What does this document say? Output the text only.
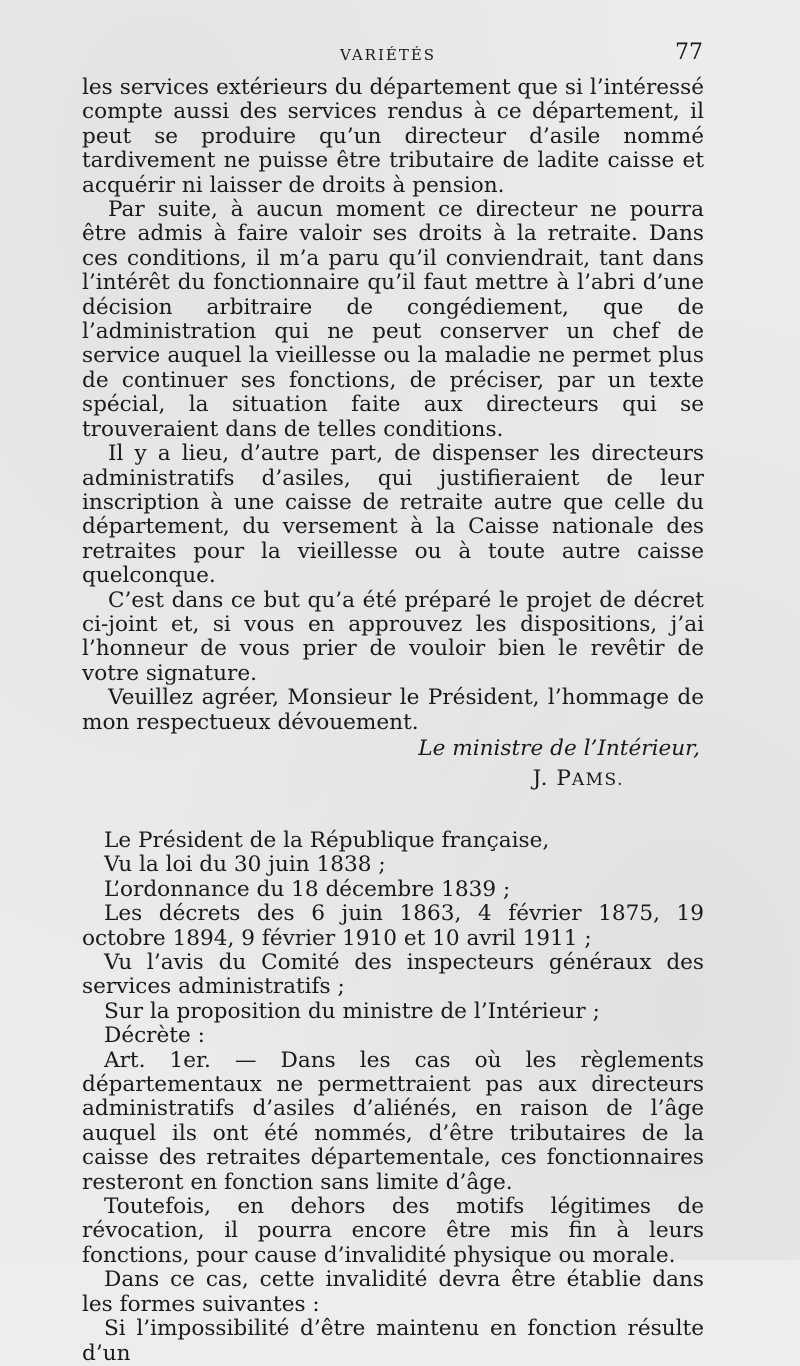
VARIÉTÉS	77

les services extérieurs du département que si l’intéressé compte aussi des services rendus à ce département, il peut se produire qu’un directeur d’asile nommé tardivement ne puisse être tributaire de ladite caisse et acquérir ni laisser de droits à pension.

Par suite, à aucun moment ce directeur ne pourra être admis à faire valoir ses droits à la retraite. Dans ces conditions, il m’a paru qu’il conviendrait, tant dans l’intérêt du fonctionnaire qu’il faut mettre à l’abri d’une décision arbitraire de congédiement, que de l’administration qui ne peut conserver un chef de service auquel la vieillesse ou la maladie ne permet plus de continuer ses fonctions, de préciser, par un texte spécial, la situation faite aux directeurs qui se trouveraient dans de telles conditions.

Il y a lieu, d’autre part, de dispenser les directeurs administratifs d’asiles, qui justifieraient de leur inscription à une caisse de retraite autre que celle du département, du versement à la Caisse nationale des retraites pour la vieillesse ou à toute autre caisse quelconque.

C’est dans ce but qu’a été préparé le projet de décret ci-joint et, si vous en approuvez les dispositions, j’ai l’honneur de vous prier de vouloir bien le revêtir de votre signature.

Veuillez agréer, Monsieur le Président, l’hommage de mon respectueux dévouement.

Le ministre de l’Intérieur,
J. PAMS.

Le Président de la République française,

Vu la loi du 30 juin 1838 ;

L’ordonnance du 18 décembre 1839 ;

Les décrets des 6 juin 1863, 4 février 1875, 19 octobre 1894, 9 février 1910 et 10 avril 1911 ;

Vu l’avis du Comité des inspecteurs généraux des services administratifs ;

Sur la proposition du ministre de l’Intérieur ;

Décrète :

Art. 1er. — Dans les cas où les règlements départementaux ne permettraient pas aux directeurs administratifs d’asiles d’aliénés, en raison de l’âge auquel ils ont été nommés, d’être tributaires de la caisse des retraites départementale, ces fonctionnaires resteront en fonction sans limite d’âge.

Toutefois, en dehors des motifs légitimes de révocation, il pourra encore être mis fin à leurs fonctions, pour cause d’invalidité physique ou morale.

Dans ce cas, cette invalidité devra être établie dans les formes suivantes :

Si l’impossibilité d’être maintenu en fonction résulte d’un
